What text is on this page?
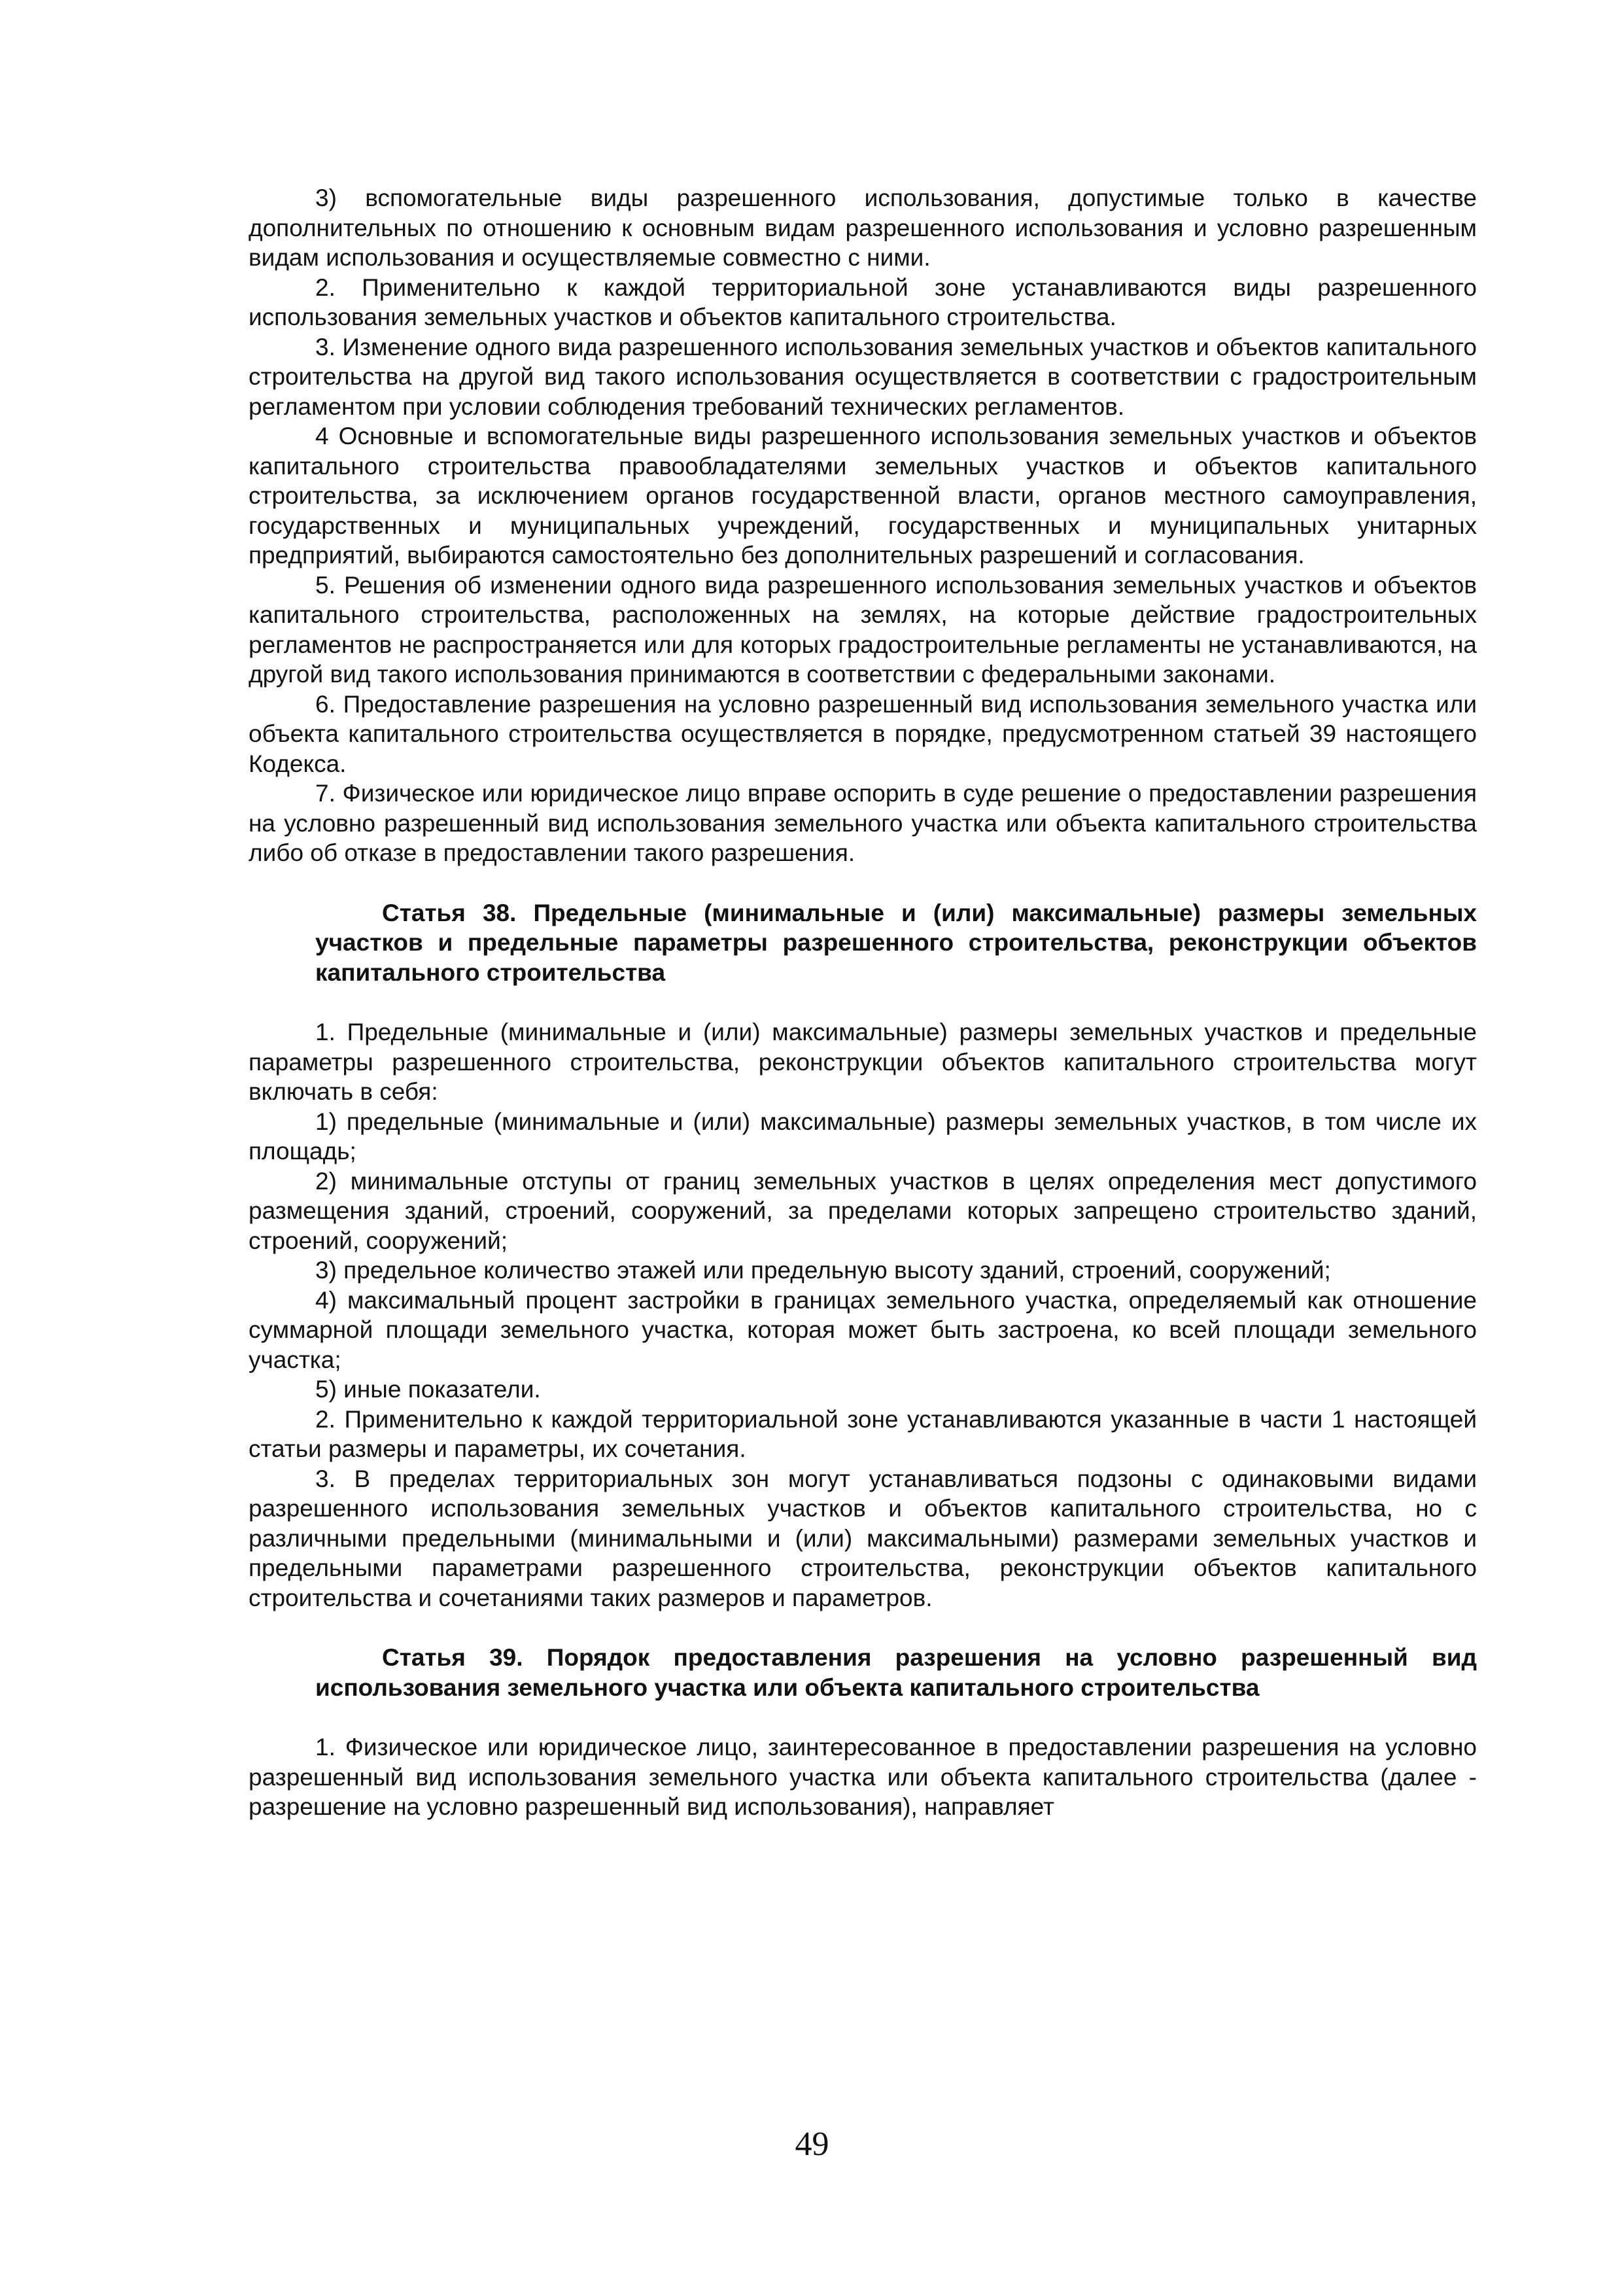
3) вспомогательные виды разрешенного использования, допустимые только в качестве дополнительных по отношению к основным видам разрешенного использования и условно разрешенным видам использования и осуществляемые совместно с ними.

2. Применительно к каждой территориальной зоне устанавливаются виды разрешенного использования земельных участков и объектов капитального строительства.

3. Изменение одного вида разрешенного использования земельных участков и объектов капитального строительства на другой вид такого использования осуществляется в соответствии с градостроительным регламентом при условии соблюдения требований технических регламентов.

4 Основные и вспомогательные виды разрешенного использования земельных участков и объектов капитального строительства правообладателями земельных участков и объектов капитального строительства, за исключением органов государственной власти, органов местного самоуправления, государственных и муниципальных учреждений, государственных и муниципальных унитарных предприятий, выбираются самостоятельно без дополнительных разрешений и согласования.

5. Решения об изменении одного вида разрешенного использования земельных участков и объектов капитального строительства, расположенных на землях, на которые действие градостроительных регламентов не распространяется или для которых градостроительные регламенты не устанавливаются, на другой вид такого использования принимаются в соответствии с федеральными законами.

6. Предоставление разрешения на условно разрешенный вид использования земельного участка или объекта капитального строительства осуществляется в порядке, предусмотренном статьей 39 настоящего Кодекса.

7. Физическое или юридическое лицо вправе оспорить в суде решение о предоставлении разрешения на условно разрешенный вид использования земельного участка или объекта капитального строительства либо об отказе в предоставлении такого разрешения.

Статья 38. Предельные (минимальные и (или) максимальные) размеры земельных участков и предельные параметры разрешенного строительства, реконструкции объектов капитального строительства

1. Предельные (минимальные и (или) максимальные) размеры земельных участков и предельные параметры разрешенного строительства, реконструкции объектов капитального строительства могут включать в себя:

1) предельные (минимальные и (или) максимальные) размеры земельных участков, в том числе их площадь;

2) минимальные отступы от границ земельных участков в целях определения мест допустимого размещения зданий, строений, сооружений, за пределами которых запрещено строительство зданий, строений, сооружений;

3) предельное количество этажей или предельную высоту зданий, строений, сооружений;

4) максимальный процент застройки в границах земельного участка, определяемый как отношение суммарной площади земельного участка, которая может быть застроена, ко всей площади земельного участка;

5) иные показатели.

2. Применительно к каждой территориальной зоне устанавливаются указанные в части 1 настоящей статьи размеры и параметры, их сочетания.

3. В пределах территориальных зон могут устанавливаться подзоны с одинаковыми видами разрешенного использования земельных участков и объектов капитального строительства, но с различными предельными (минимальными и (или) максимальными) размерами земельных участков и предельными параметрами разрешенного строительства, реконструкции объектов капитального строительства и сочетаниями таких размеров и параметров.

Статья 39. Порядок предоставления разрешения на условно разрешенный вид использования земельного участка или объекта капитального строительства

1. Физическое или юридическое лицо, заинтересованное в предоставлении разрешения на условно разрешенный вид использования земельного участка или объекта капитального строительства (далее - разрешение на условно разрешенный вид использования), направляет

49
